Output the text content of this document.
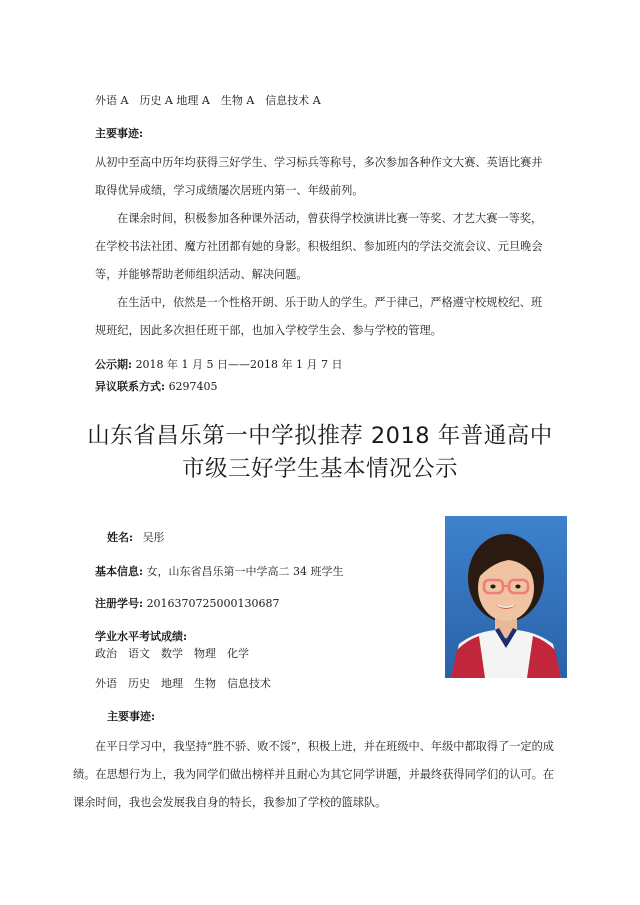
外语 A　历史 A 地理 A　生物 A　信息技术 A
主要事迹:
从初中至高中历年均获得三好学生、学习标兵等称号，多次参加各种作文大赛、英语比赛并取得优异成绩，学习成绩屡次居班内第一、年级前列。
在课余时间，积极参加各种课外活动，曾获得学校演讲比赛一等奖、才艺大赛一等奖，在学校书法社团、魔方社团都有她的身影。积极组织、参加班内的学法交流会议、元旦晚会等，并能够帮助老师组织活动、解决问题。
在生活中，依然是一个性格开朗、乐于助人的学生。严于律己，严格遵守校规校纪、班规班纪，因此多次担任班干部，也加入学校学生会、参与学校的管理。
公示期: 2018 年 1 月 5 日——2018 年 1 月 7 日
异议联系方式: 6297405
山东省昌乐第一中学拟推荐 2018 年普通高中
市级三好学生基本情况公示
姓名: 吴彤
基本信息: 女，山东省昌乐第一中学高二 34 班学生
注册学号: 2016370725000130687
学业水平考试成绩:
政治　语文　数学　物理　化学
外语　历史　地理　生物　信息技术
主要事迹:
在平日学习中，我坚持“胜不骄、败不馁”，积极上进，并在班级中、年级中都取得了一定的成绩。在思想行为上，我为同学们做出榜样并且耐心为其它同学讲题，并最终获得同学们的认可。在课余时间，我也会发展我自身的特长，我参加了学校的篮球队。
